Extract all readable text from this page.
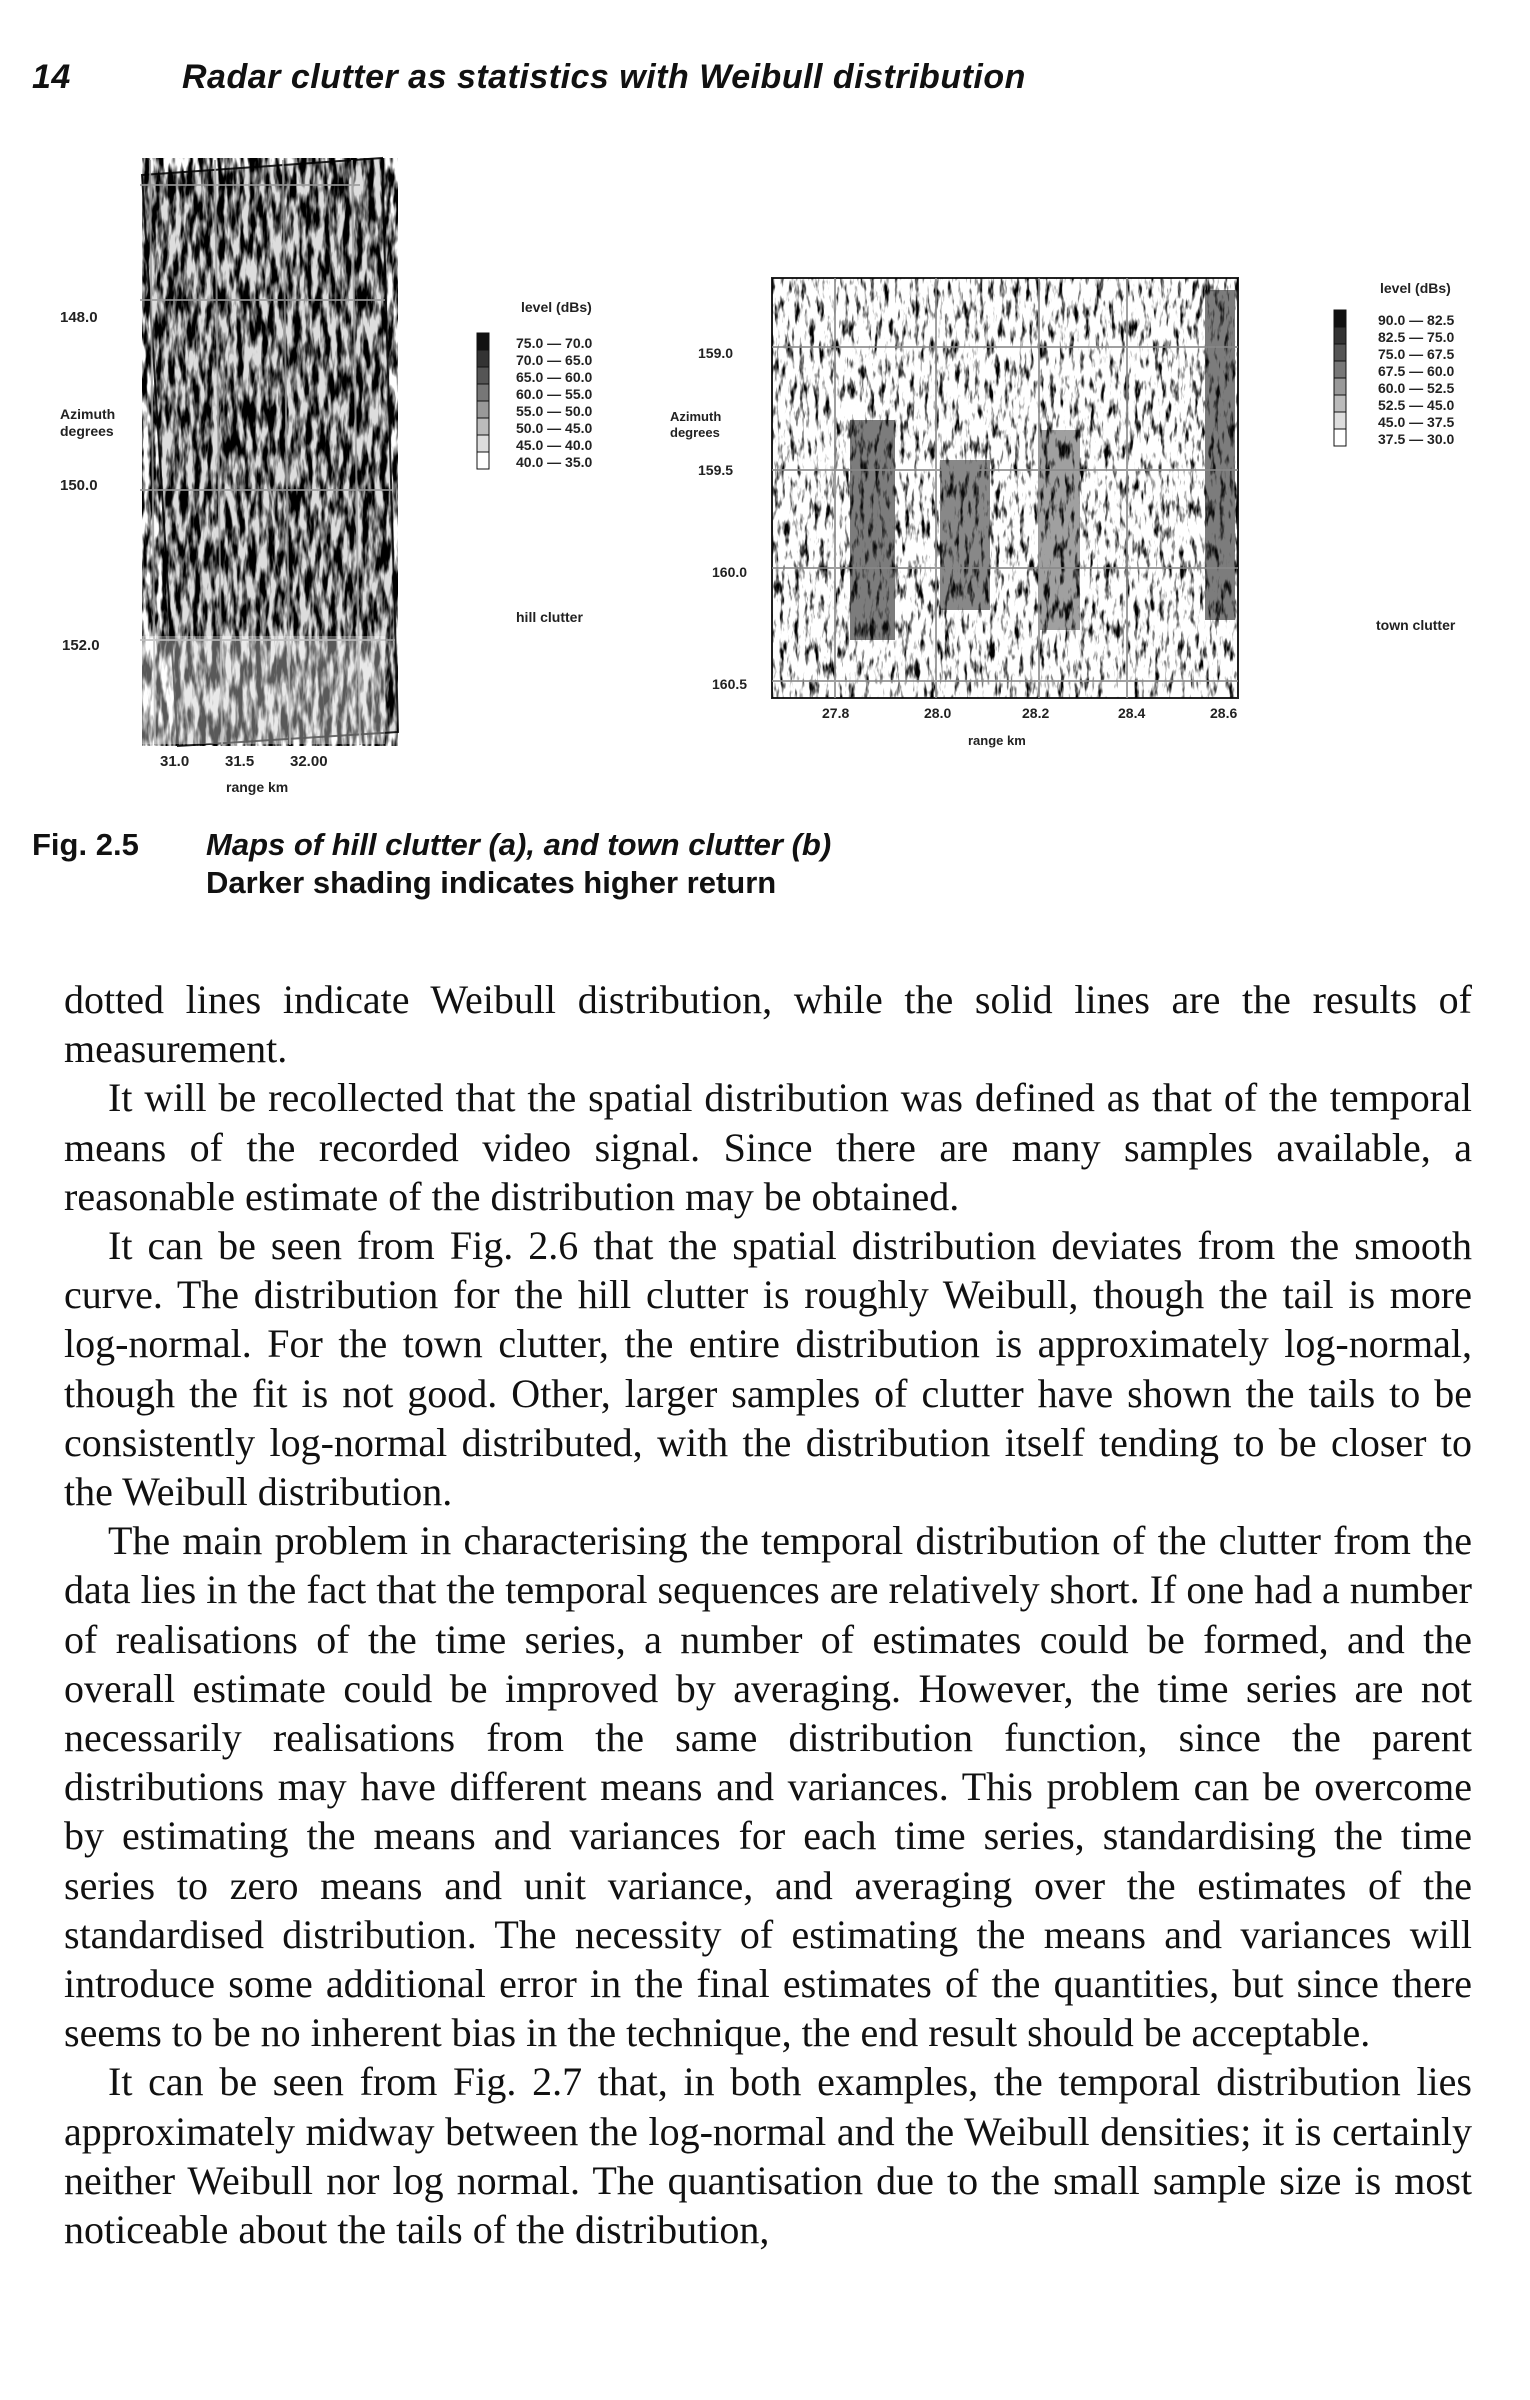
14	Radar clutter as statistics with Weibull distribution
148.0
150.0
152.0
Azimuth
degrees
31.0 31.5 32.00
range km
level (dBs)
75.0 — 70.0
70.0 — 65.0
65.0 — 60.0
60.0 — 55.0
55.0 — 50.0
50.0 — 45.0
45.0 — 40.0
40.0 — 35.0
hill clutter
159.0
159.5
160.0
160.5
Azimuth
degrees
27.8	28.0	28.2	28.4	28.6
range km
level (dBs)
90.0 — 82.5
82.5 — 75.0
75.0 — 67.5
67.5 — 60.0
60.0 — 52.5
52.5 — 45.0
45.0 — 37.5
37.5 — 30.0
town clutter
Fig. 2.5 Maps of hill clutter (a), and town clutter (b)
Darker shading indicates higher return

dotted lines indicate Weibull distribution, while the solid lines are the results of measurement.

It will be recollected that the spatial distribution was defined as that of the temporal means of the recorded video signal. Since there are many samples available, a reasonable estimate of the distribution may be obtained.

It can be seen from Fig. 2.6 that the spatial distribution deviates from the smooth curve. The distribution for the hill clutter is roughly Weibull, though the tail is more log-normal. For the town clutter, the entire distribution is approximately log-normal, though the fit is not good. Other, larger samples of clutter have shown the tails to be consistently log-normal distributed, with the distribution itself tending to be closer to the Weibull distribution.

The main problem in characterising the temporal distribution of the clutter from the data lies in the fact that the temporal sequences are relatively short. If one had a number of realisations of the time series, a number of estimates could be formed, and the overall estimate could be improved by averaging. However, the time series are not necessarily realisations from the same distribution function, since the parent distributions may have different means and variances. This problem can be overcome by estimating the means and variances for each time series, standardising the time series to zero means and unit variance, and averaging over the estimates of the standardised distribution. The necessity of estimating the means and variances will introduce some additional error in the final estimates of the quantities, but since there seems to be no inherent bias in the technique, the end result should be acceptable.

It can be seen from Fig. 2.7 that, in both examples, the temporal distribution lies approximately midway between the log-normal and the Weibull densities; it is certainly neither Weibull nor log normal. The quantisation due to the small sample size is most noticeable about the tails of the distribution,
